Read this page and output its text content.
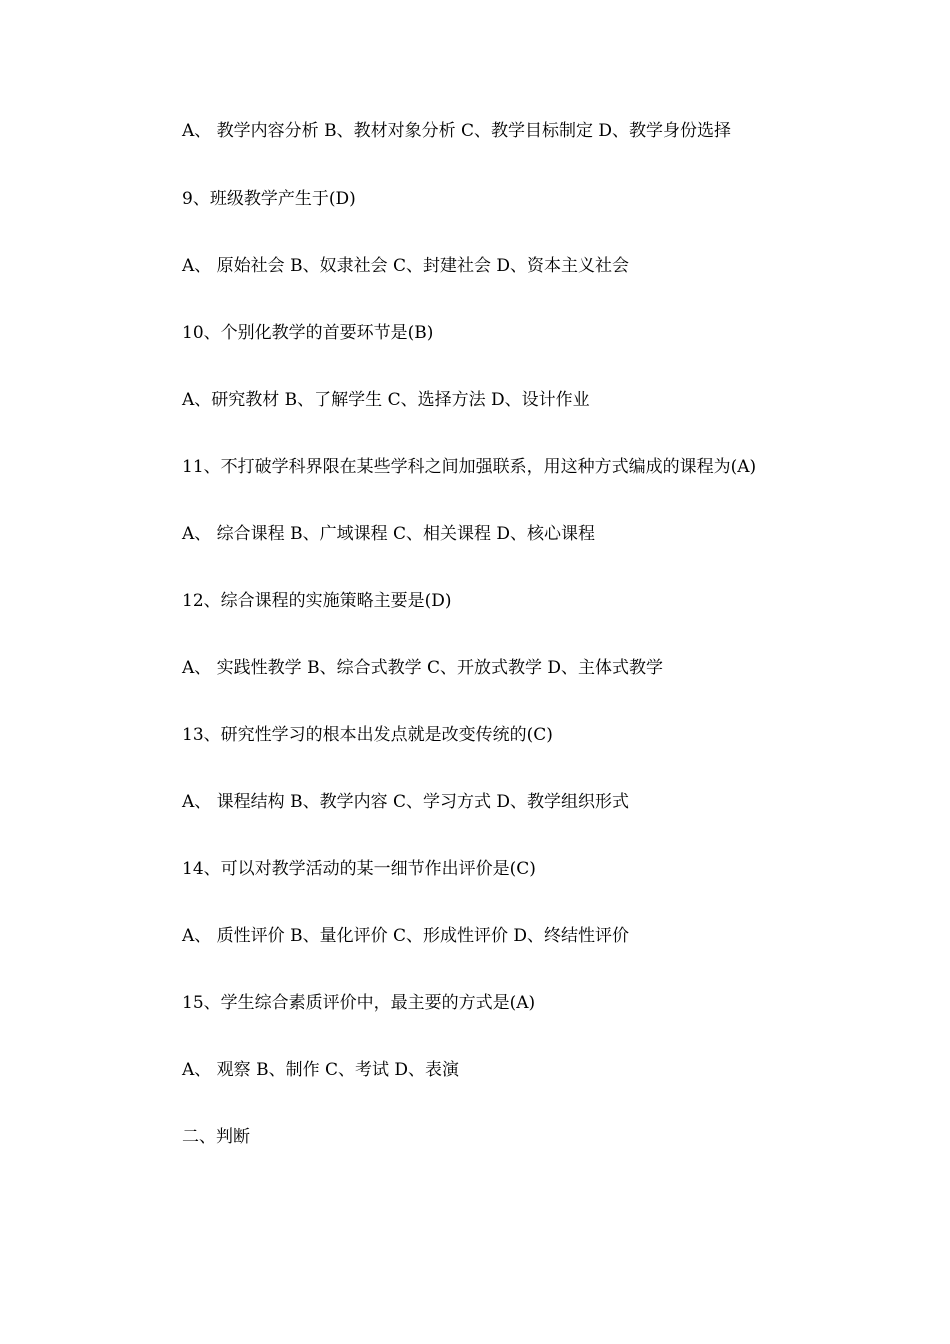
A、 教学内容分析 B、教材对象分析 C、教学目标制定 D、教学身份选择
9、班级教学产生于(D)
A、 原始社会 B、奴隶社会 C、封建社会 D、资本主义社会
10、个别化教学的首要环节是(B)
A、研究教材 B、了解学生 C、选择方法 D、设计作业
11、不打破学科界限在某些学科之间加强联系，用这种方式编成的课程为(A)
A、 综合课程 B、广域课程 C、相关课程 D、核心课程
12、综合课程的实施策略主要是(D)
A、 实践性教学 B、综合式教学 C、开放式教学 D、主体式教学
13、研究性学习的根本出发点就是改变传统的(C)
A、 课程结构 B、教学内容 C、学习方式 D、教学组织形式
14、可以对教学活动的某一细节作出评价是(C)
A、 质性评价 B、量化评价 C、形成性评价 D、终结性评价
15、学生综合素质评价中，最主要的方式是(A)
A、 观察 B、制作 C、考试 D、表演
二、判断
